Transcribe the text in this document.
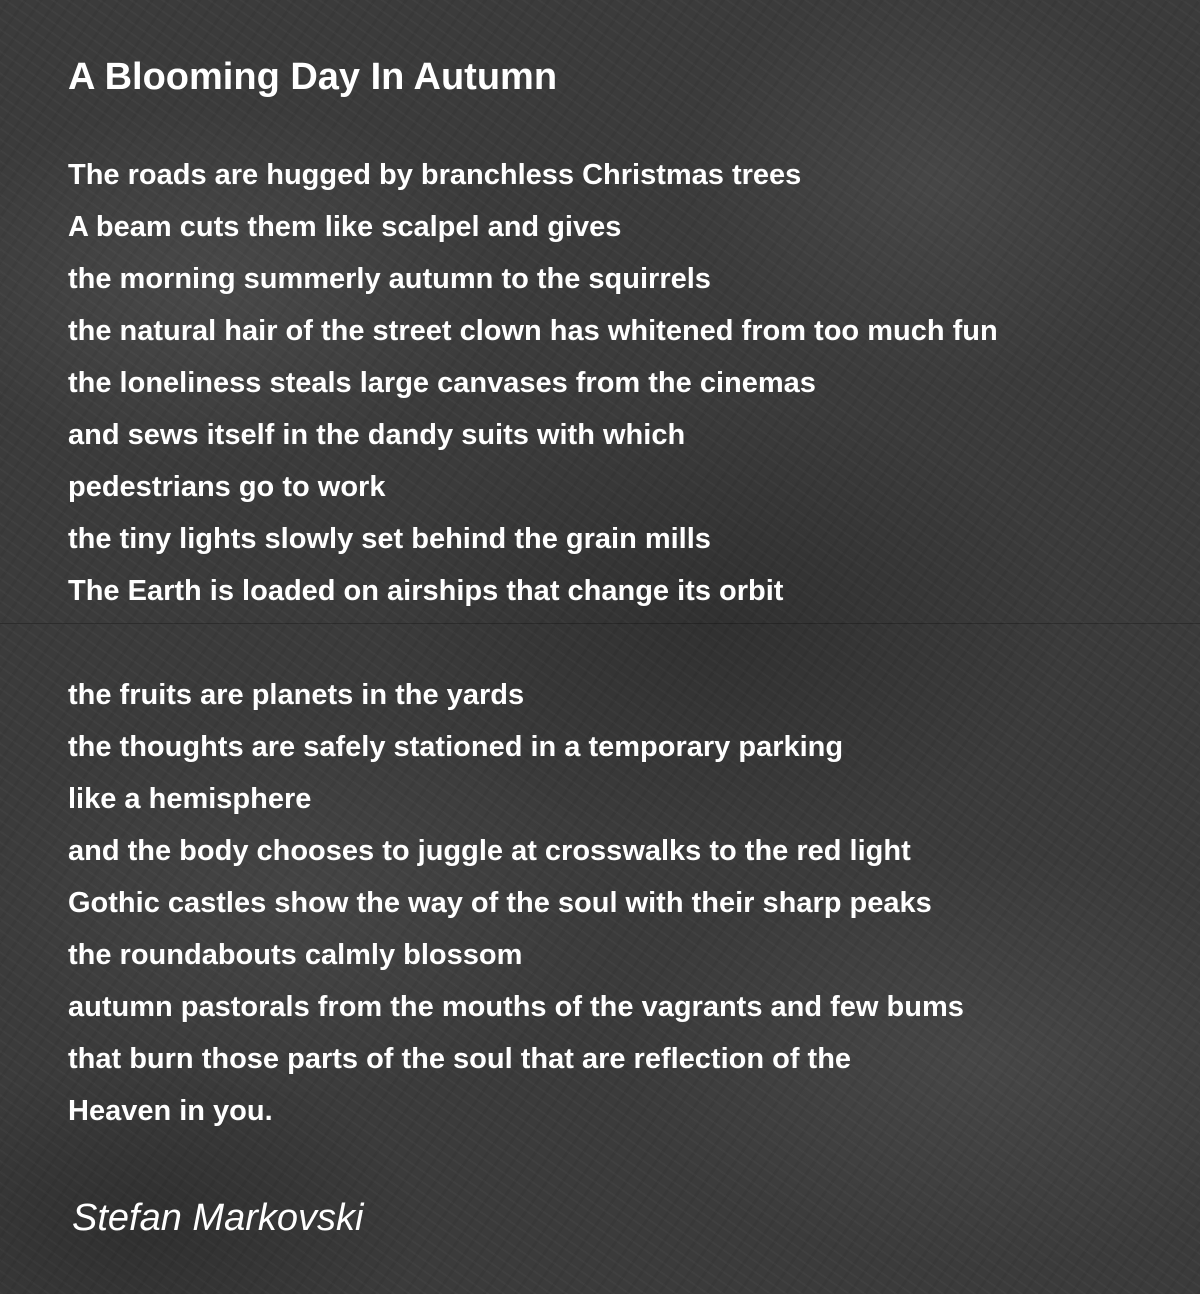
A Blooming Day In Autumn
The roads are hugged by branchless Christmas trees
A beam cuts them like scalpel and gives
the morning summerly autumn to the squirrels
the natural hair of the street clown has whitened from too much fun
the loneliness steals large canvases from the cinemas
and sews itself in the dandy suits with which
pedestrians go to work
the tiny lights slowly set behind the grain mills
The Earth is loaded on airships that change its orbit
the fruits are planets in the yards
the thoughts are safely stationed in a temporary parking
like a hemisphere
and the body chooses to juggle at crosswalks to the red light
Gothic castles show the way of the soul with their sharp peaks
the roundabouts calmly blossom
autumn pastorals from the mouths of the vagrants and few bums
that burn those parts of the soul that are reflection of the
Heaven in you.
Stefan Markovski
